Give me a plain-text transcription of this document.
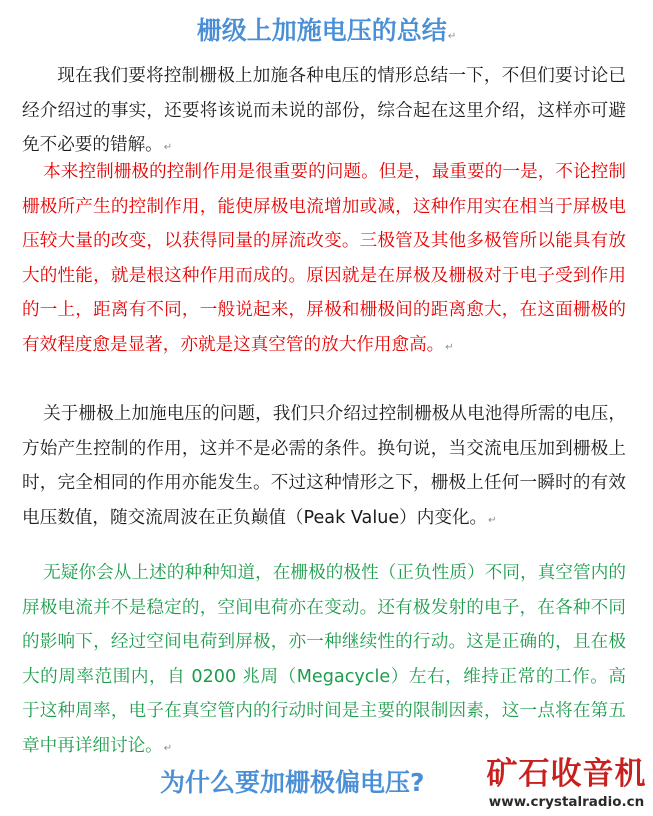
栅级上加施电压的总结↵

现在我们要将控制栅极上加施各种电压的情形总结一下，不但们要讨论已经介绍过的事实，还要将该说而未说的部份，综合起在这里介绍，这样亦可避免不必要的错解。↵

本来控制栅极的控制作用是很重要的问题。但是，最重要的一是，不论控制栅极所产生的控制作用，能使屏极电流增加或减，这种作用实在相当于屏极电压较大量的改变，以获得同量的屏流改变。三极管及其他多极管所以能具有放大的性能，就是根这种作用而成的。原因就是在屏极及栅极对于电子受到作用的一上，距离有不同，一般说起来，屏极和栅极间的距离愈大，在这面栅极的有效程度愈是显著，亦就是这真空管的放大作用愈高。↵

关于栅极上加施电压的问题，我们只介绍过控制栅极从电池得所需的电压，方始产生控制的作用，这并不是必需的条件。换句说，当交流电压加到栅极上时，完全相同的作用亦能发生。不过这种情形之下，栅极上任何一瞬时的有效电压数值，随交流周波在正负巅值（Peak Value）内变化。↵

无疑你会从上述的种种知道，在栅极的极性（正负性质）不同，真空管内的屏极电流并不是稳定的，空间电荷亦在变动。还有极发射的电子，在各种不同的影响下，经过空间电荷到屏极，亦一种继续性的行动。这是正确的，且在极大的周率范围内，自 0200 兆周（Megacycle）左右，维持正常的工作。高于这种周率，电子在真空管内的行动时间是主要的限制因素，这一点将在第五章中再详细讨论。↵

为什么要加栅极偏电压? 矿石收音机
www.crystalradio.cn
